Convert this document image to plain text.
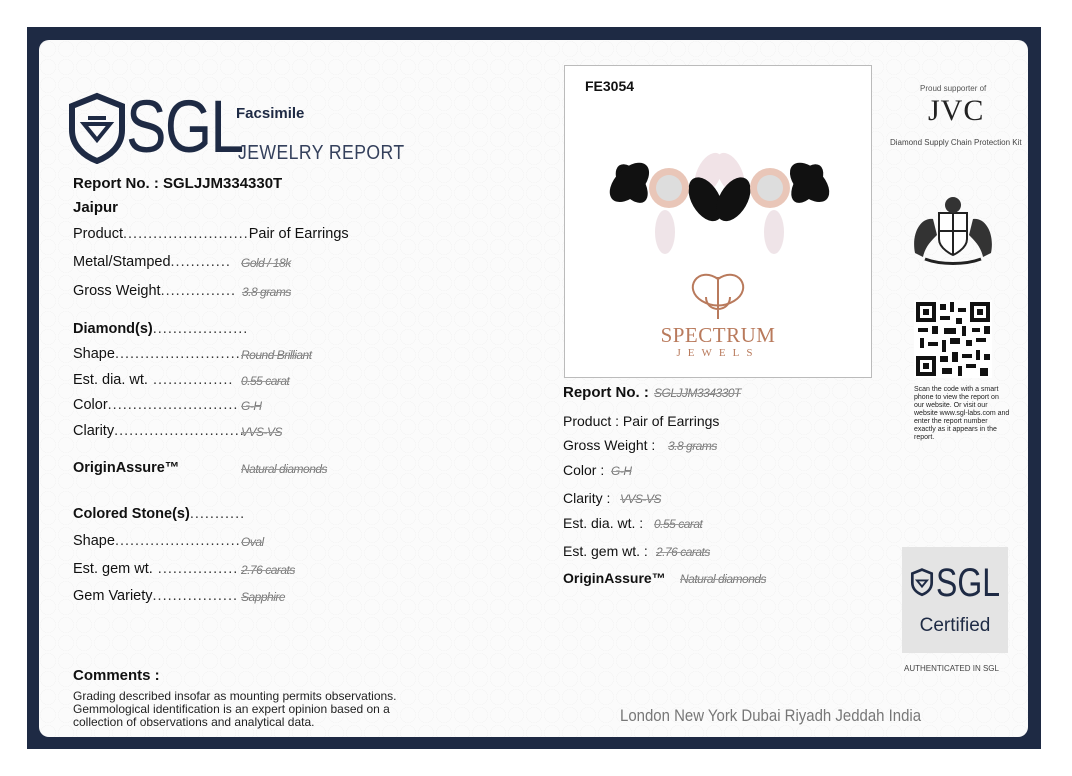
SGL
Facsimile
JEWELRY REPORT
Report No. : SGLJJM334330T
Jaipur
Product.........................Pair of Earrings
Metal/Stamped............ Gold / 18k
Gross Weight............... 3.8 grams
Diamond(s)...................
Shape......................... Round Brilliant
Est. dia. wt. ................ 0.55 carat
Color.......................... G-H
Clarity..........................
VVS-VS
OriginAssure™	Natural diamonds
Colored Stone(s)...........
Shape......................... Oval
Est. gem wt. ................ 2.76 carats
Gem Variety................. Sapphire
FE3054
SPECTRUM
JEWELS
Report No. : SGLJJM334330T
Product : Pair of Earrings
Gross Weight : 3.8 grams
Color : G-H
Clarity : VVS-VS
Est. dia. wt. : 0.55 carat
Est. gem wt. : 2.76 carats
OriginAssure™ Natural diamonds
Proud supporter of
JVC
Diamond Supply Chain Protection Kit
Scan the code with a smart phone to view the report on our website. Or visit our website www.sgl-labs.com and enter the report number exactly as it appears in the report.
SGL
Certified
AUTHENTICATED IN SGL
Comments :
Grading described insofar as mounting permits observations.
Gemmological identification is an expert opinion based on a
collection of observations and analytical data.	London New York Dubai Riyadh Jeddah India
